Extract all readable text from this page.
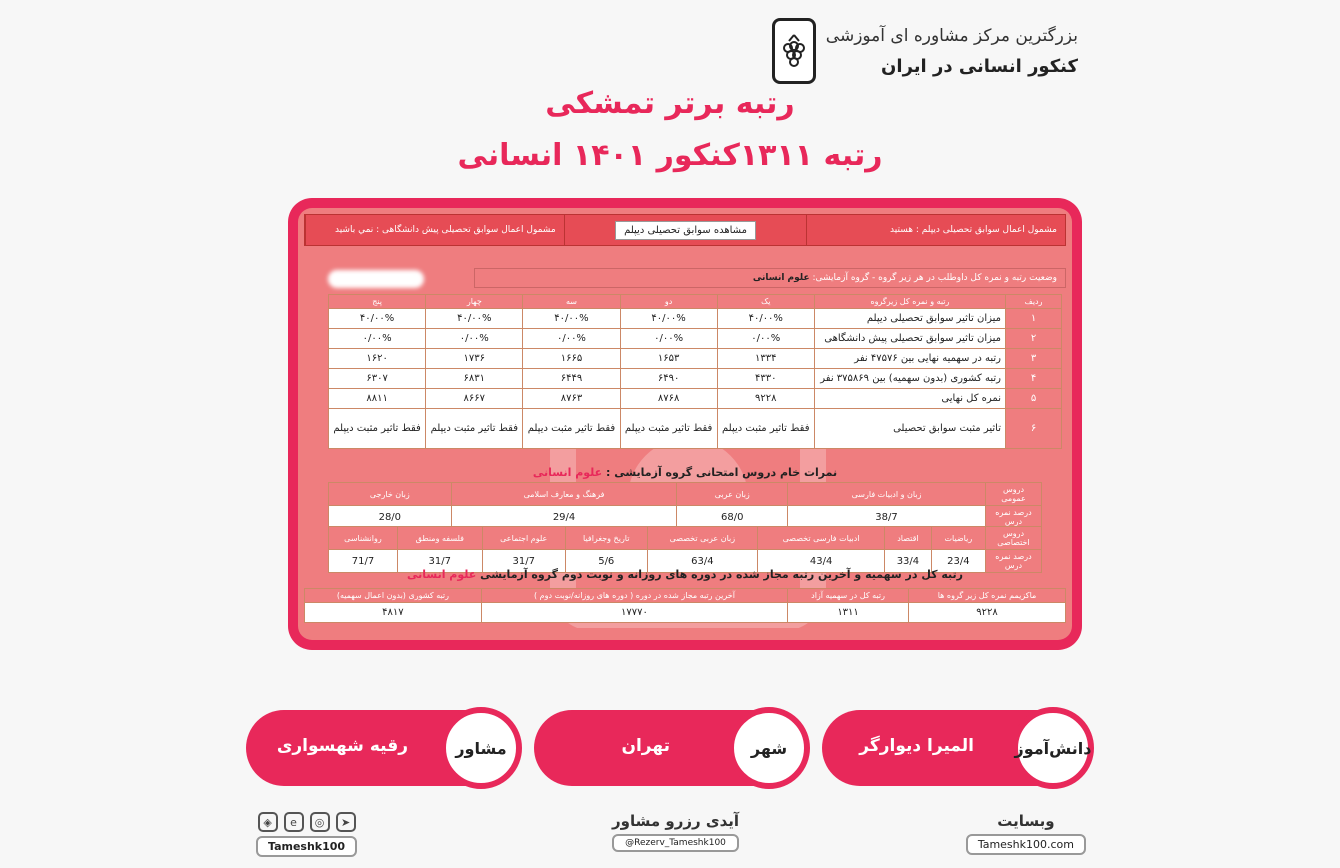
بزرگترین مرکز مشاوره ای آموزشی
کنکور انسانی در ایران
رتبه برتر تمشکی
رتبه ۱۳۱۱کنکور ۱۴۰۱ انسانی
مشمول اعمال سوابق تحصیلی دیپلم : هستید
مشاهده سوابق تحصیلی دیپلم
مشمول اعمال سوابق تحصیلی پیش دانشگاهی : نمي باشيد
وضعیت رتبه و نمره کل داوطلب در هر زیر گروه - گروه آزمایشی: علوم انسانی
ردیف	رتبه و نمره کل زیرگروه	یک	دو	سه	چهار	پنج
۱	میزان تاثیر سوابق تحصیلی دیپلم	۴۰/۰۰%	۴۰/۰۰%	۴۰/۰۰%	۴۰/۰۰%	۴۰/۰۰%
۲	میزان تاثیر سوابق تحصیلی پیش دانشگاهی	۰/۰۰%	۰/۰۰%	۰/۰۰%	۰/۰۰%	۰/۰۰%
۳	رتبه در سهمیه نهایی بین ۴۷۵۷۶ نفر	۱۳۳۴	۱۶۵۳	۱۶۶۵	۱۷۳۶	۱۶۲۰
۴	رتبه کشوری (بدون سهمیه) بین ۳۷۵۸۶۹ نفر	۴۳۳۰	۶۴۹۰	۶۴۴۹	۶۸۳۱	۶۳۰۷
۵	نمره کل نهایی	۹۲۲۸	۸۷۶۸	۸۷۶۳	۸۶۶۷	۸۸۱۱
۶	تاثیر مثبت سوابق تحصیلی	فقط تاثیر مثبت دیپلم	فقط تاثیر مثبت دیپلم	فقط تاثیر مثبت دیپلم	فقط تاثیر مثبت دیپلم	فقط تاثیر مثبت دیپلم
نمرات خام دروس امتحانی گروه آزمایشی : علوم انسانی
دروس عمومی	زبان و ادبیات فارسی	زبان عربی	فرهنگ و معارف اسلامی	زبان خارجی
درصد نمره درس	38/7	68/0	29/4	28/0
دروس اختصاصی	ریاضیات	اقتصاد	ادبیات فارسی تخصصی	زبان عربی تخصصی	تاریخ وجغرافیا	علوم اجتماعی	فلسفه ومنطق	روانشناسی
درصد نمره درس	23/4	33/4	43/4	63/4	5/6	31/7	31/7	71/7
رتبه کل در سهمیه و آخرین رتبه مجاز شده در دوره های روزانه و نوبت دوم گروه آزمایشی علوم انسانی
ماکزیمم نمره کل زیر گروه ها	رتبه کل در سهمیه آزاد	آخرین رتبه مجاز شده در دوره ( دوره های روزانه/نوبت دوم )	رتبه کشوری (بدون اعمال سهمیه)
۹۲۲۸	۱۳۱۱	۱۷۷۷۰	۴۸۱۷
دانش‌آموز
المیرا دیوارگر
شهر
تهران
مشاور
رقیه شهسواری
وبسایت
Tameshk100.com
آیدی رزرو مشاور
@Rezerv_Tameshk100
◈	e	◎	➤
Tameshk100
